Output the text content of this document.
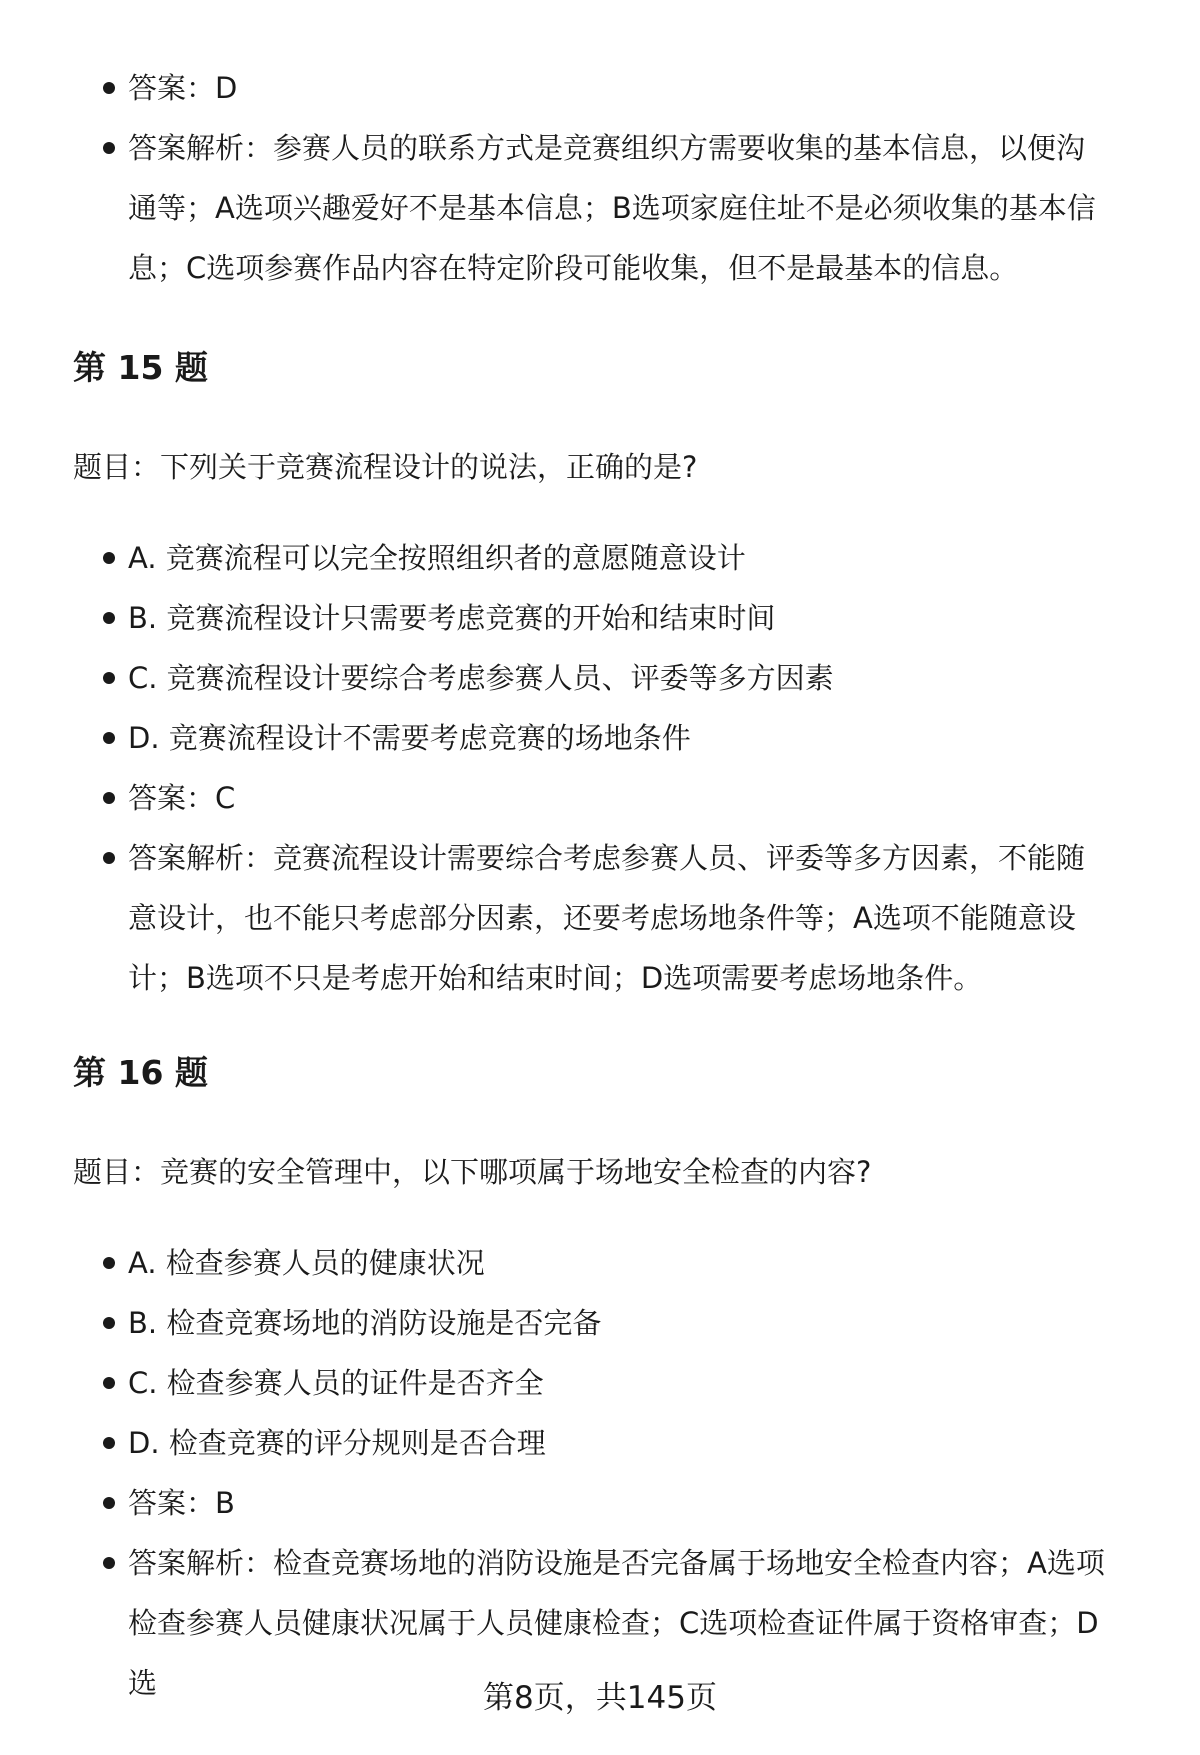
答案：D
答案解析：参赛人员的联系方式是竞赛组织方需要收集的基本信息，以便沟通等；A选项兴趣爱好不是基本信息；B选项家庭住址不是必须收集的基本信息；C选项参赛作品内容在特定阶段可能收集，但不是最基本的信息。
第 15 题
题目：下列关于竞赛流程设计的说法，正确的是?
A. 竞赛流程可以完全按照组织者的意愿随意设计
B. 竞赛流程设计只需要考虑竞赛的开始和结束时间
C. 竞赛流程设计要综合考虑参赛人员、评委等多方因素
D. 竞赛流程设计不需要考虑竞赛的场地条件
答案：C
答案解析：竞赛流程设计需要综合考虑参赛人员、评委等多方因素，不能随意设计，也不能只考虑部分因素，还要考虑场地条件等；A选项不能随意设计；B选项不只是考虑开始和结束时间；D选项需要考虑场地条件。
第 16 题
题目：竞赛的安全管理中，以下哪项属于场地安全检查的内容?
A. 检查参赛人员的健康状况
B. 检查竞赛场地的消防设施是否完备
C. 检查参赛人员的证件是否齐全
D. 检查竞赛的评分规则是否合理
答案：B
答案解析：检查竞赛场地的消防设施是否完备属于场地安全检查内容；A选项检查参赛人员健康状况属于人员健康检查；C选项检查证件属于资格审查；D选	第8页，共145页
